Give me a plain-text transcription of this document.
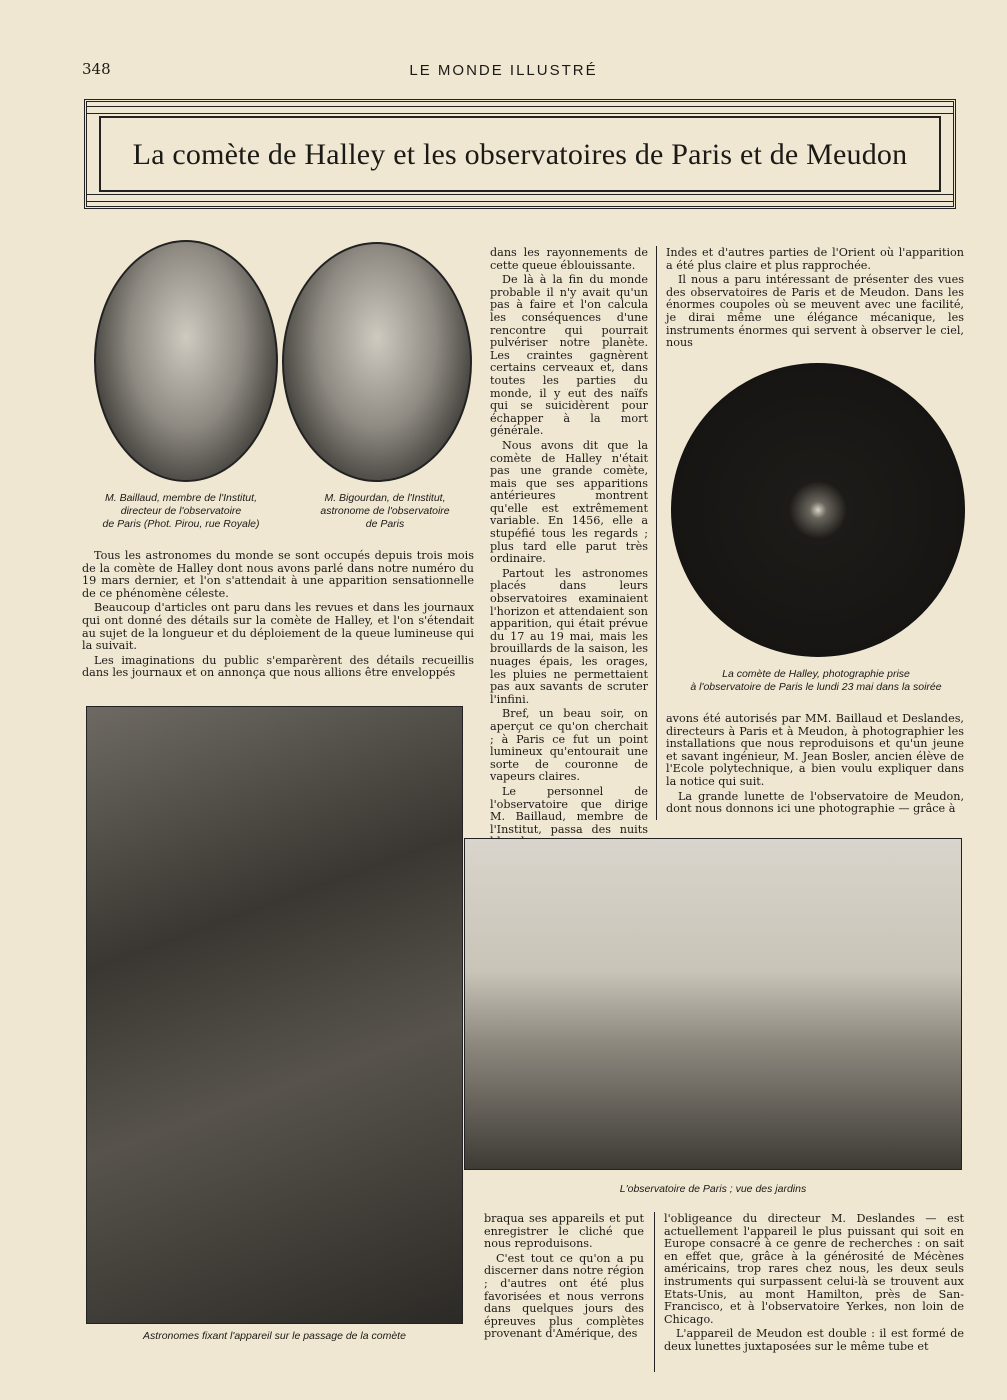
348	LE MONDE ILLUSTRÉ
La comète de Halley et les observatoires de Paris et de Meudon
M. Baillaud, membre de l'Institut,
directeur de l'observatoire
de Paris (Phot. Pirou, rue Royale)
M. Bigourdan, de l'Institut,
astronome de l'observatoire
de Paris

Tous les astronomes du monde se sont occupés depuis trois mois de la comète de Halley dont nous avons parlé dans notre numéro du 19 mars dernier, et l'on s'attendait à une apparition sensationnelle de ce phénomène céleste.

Beaucoup d'articles ont paru dans les revues et dans les journaux qui ont donné des détails sur la comète de Halley, et l'on s'étendait au sujet de la longueur et du déploiement de la queue lumineuse qui la suivait.

Les imaginations du public s'emparèrent des détails recueillis dans les journaux et on annonça que nous allions être enveloppés

dans les rayonnements de cette queue éblouissante.

De là à la fin du monde probable il n'y avait qu'un pas à faire et l'on calcula les conséquences d'une rencontre qui pourrait pulvériser notre planète. Les craintes gagnèrent certains cerveaux et, dans toutes les parties du monde, il y eut des naïfs qui se suicidèrent pour échapper à la mort générale.

Nous avons dit que la comète de Halley n'était pas une grande comète, mais que ses apparitions antérieures montrent qu'elle est extrêmement variable. En 1456, elle a stupéfié tous les regards ; plus tard elle parut très ordinaire.

Partout les astronomes placés dans leurs observatoires examinaient l'horizon et attendaient son apparition, qui était prévue du 17 au 19 mai, mais les brouillards de la saison, les nuages épais, les orages, les pluies ne permettaient pas aux savants de scruter l'infini.

Bref, un beau soir, on aperçut ce qu'on cherchait ; à Paris ce fut un point lumineux qu'entourait une sorte de couronne de vapeurs claires.

Le personnel de l'observatoire que dirige M. Baillaud, membre de l'Institut, passa des nuits

Indes et d'autres parties de l'Orient où l'apparition a été plus claire et plus rapprochée.

Il nous a paru intéressant de présenter des vues des observatoires de Paris et de Meudon. Dans les énormes coupoles où se meuvent avec une facilité, je dirai même une élégance mécanique, les instruments énormes qui servent à observer le ciel, nous

La comète de Halley, photographie prise
à l'observatoire de Paris le lundi 23 mai dans la soirée

avons été autorisés par MM. Baillaud et Deslandes, directeurs à Paris et à Meudon, à photographier les installations que nous reproduisons et qu'un jeune et savant ingénieur, M. Jean Bosler, ancien élève de l'Ecole polytechnique, a bien voulu expliquer dans la notice qui suit.

La grande lunette de l'observatoire de Meudon, dont nous donnons ici une photographie — grâce à

Astronomes fixant l'appareil sur le passage de la comète
L'observatoire de Paris ; vue des jardins

braqua ses appareils et put enregistrer le cliché que nous reproduisons.

C'est tout ce qu'on a pu discerner dans notre région ; d'autres ont été plus favorisées et nous verrons dans quelques jours des épreuves plus complètes provenant d'Amérique, des

l'obligeance du directeur M. Deslandes — est actuellement l'appareil le plus puissant qui soit en Europe consacré à ce genre de recherches : on sait en effet que, grâce à la générosité de Mécènes américains, trop rares chez nous, les deux seuls instruments qui surpassent celui-là se trouvent aux Etats-Unis, au mont Hamilton, près de San-Francisco, et à l'observatoire Yerkes, non loin de Chicago.

L'appareil de Meudon est double : il est formé de deux lunettes juxtaposées sur le même tube et
